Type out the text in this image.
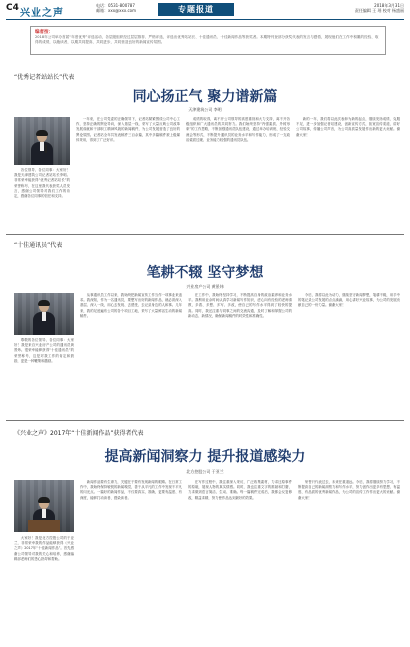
C4 兴业之声
电话：0531-800787
邮箱：xxx@xxx.com	专题报道	2018年3月31日
责任编辑 王 瑶 校对 杨盛丽
编者按：
2018年公司举办首届“年度优秀”评选活动，各层级组织经过层层推荐、严格评选，评选出优秀站站长、十佳通讯员、十佳新闻作品等获奖者。本期特刊登部分获奖代表的发言与感悟，展现他们在工作中积累的经验、取得的成绩，以飨读者，以期共同提高、共同进步，共同营造良好的新闻宣传氛围。
“优秀记者站站长”代表
同心扬正气 聚力谱新篇
天津建筑公司 李明

各位领导、各位同事：大家好！我是天津建筑公司记者站站长李明。非常荣幸能获得“优秀记者站站长”的荣誉称号，在这里我代表获奖人员发言，感谢公司领导对我们工作的肯定，感谢各位同事的信任和支持。

一年来，在公司党委的正确领导下，记者站紧紧围绕公司中心工作，坚持正确的舆论导向，深入基层一线，采写了大量反映公司改革发展成就和干部职工精神风貌的新闻稿件，为公司发展营造了良好的舆论氛围。记者站全年共发表稿件三百余篇，其中多篇稿件被上级媒体采用，得到了广泛好评。

成绩的取得，离不开公司领导的高度重视和大力支持，离不开各级组织和广大通讯员的共同努力。我们始终坚持“内强素质、外树形象”的工作思路，不断加强通讯员队伍建设，通过举办培训班、经验交流会等形式，不断提升通讯员的业务水平和写作能力，形成了一支政治素质过硬、业务能力较强的通讯员队伍。

新的一年，我们将以此次表彰为新的起点，继续发扬成绩、克服不足，进一步加强记者站建设，创新宣传方式，拓宽宣传渠道，讲好公司故事，传播公司声音，为公司高质量发展作出新的更大贡献。谢谢大家！

“十佳通讯员”代表
笔耕不辍 坚守梦想
兴业房产公司 黄景炜

尊敬的各位领导、各位同事：大家好！我是来自兴业房产公司的通讯员黄景炜。很荣幸能够获得“十佳通讯员”的荣誉称号，这是对我工作的肯定和鼓励，更是一种鞭策和激励。

从事通讯员工作以来，我始终把新闻宣传工作当作一项事业来追求。我深知，作为一名通讯员，要想写出好的新闻作品，就必须深入基层、深入一线，用心去发现、去感受、去记录身边的人和事。几年来，我的足迹遍布公司的各个项目工地，采写了大量鲜活生动的新闻稿件。

在工作中，我始终坚持学习，不断提高自身的政治素养和业务水平。我利用业余时间认真学习新闻写作知识，虚心向有经验的老师请教，多看、多想、多写、多改，使自己的写作水平得到了较快的提高。同时，我还注重与同事之间的交流沟通，及时了解和掌握公司的新动态、新情况，确保新闻稿件的时效性和准确性。

今后，我将以此为动力，继续坚守新闻梦想，笔耕不辍，用手中的笔记录公司发展的点点滴滴，用心讲好兴业故事，为公司的发展贡献自己的一份力量。谢谢大家！

《兴业之声》2017年“十佳新闻作品”获得者代表
提高新闻洞察力 提升报道感染力
北方控股公司 于亚兰

大家好！我是北方控股公司的于亚兰，非常荣幸我的作品能够获得《兴业之声》2017年“十佳新闻作品”。首先感谢公司领导对我的关心和培养，感谢编辑部老师们的悉心指导和帮助。

新闻作品要有生命力，关键在于要有发现新闻的眼睛。在日常工作中，我始终保持敏锐的新闻嗅觉，善于从平凡的工作中发现不平凡的闪光点。一篇好的新闻作品，不仅要真实、准确，更要有温度、有深度，能够打动读者、感染读者。

在写作过程中，我注重深入采访，广泛收集素材，力求还原事件的原貌，展现人物的真实情感。同时，我也注重文字的推敲和打磨，力求做到语言简洁、生动、准确。每一篇稿件完成后，我都会反复修改，精益求精，努力使作品达到最好的效果。

荣誉只代表过去，未来任重道远。今后，我将继续努力学习，不断提高自己的新闻洞察力和写作水平，努力创作出更多有思想、有温度、有品质的优秀新闻作品，为公司的宣传工作作出更大的贡献。谢谢大家！
